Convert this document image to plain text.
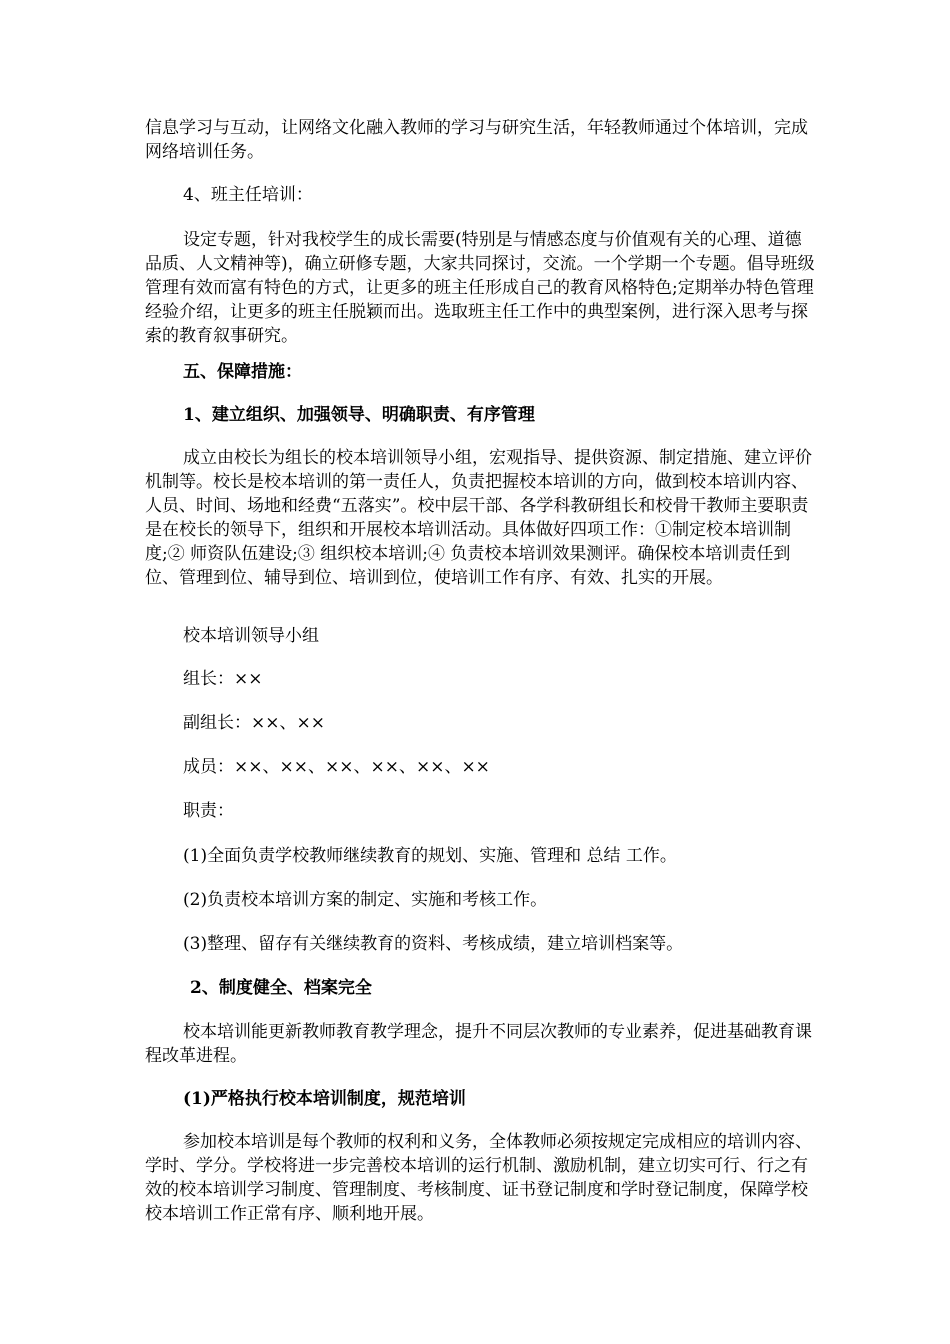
信息学习与互动，让网络文化融入教师的学习与研究生活，年轻教师通过个体培训，完成网络培训任务。

4、班主任培训：

设定专题，针对我校学生的成长需要(特别是与情感态度与价值观有关的心理、道德品质、人文精神等)，确立研修专题，大家共同探讨，交流。一个学期一个专题。倡导班级管理有效而富有特色的方式，让更多的班主任形成自己的教育风格特色;定期举办特色管理经验介绍，让更多的班主任脱颖而出。选取班主任工作中的典型案例，进行深入思考与探索的教育叙事研究。

五、保障措施：

1、建立组织、加强领导、明确职责、有序管理

成立由校长为组长的校本培训领导小组，宏观指导、提供资源、制定措施、建立评价机制等。校长是校本培训的第一责任人，负责把握校本培训的方向，做到校本培训内容、人员、时间、场地和经费“五落实”。校中层干部、各学科教研组长和校骨干教师主要职责是在校长的领导下，组织和开展校本培训活动。具体做好四项工作：①制定校本培训制度;② 师资队伍建设;③ 组织校本培训;④ 负责校本培训效果测评。确保校本培训责任到位、管理到位、辅导到位、培训到位，使培训工作有序、有效、扎实的开展。

校本培训领导小组

组长：××

副组长：××、××

成员：××、××、××、××、××、××

职责：

(1)全面负责学校教师继续教育的规划、实施、管理和 总结 工作。

(2)负责校本培训方案的制定、实施和考核工作。

(3)整理、留存有关继续教育的资料、考核成绩，建立培训档案等。

2、制度健全、档案完全

校本培训能更新教师教育教学理念，提升不同层次教师的专业素养，促进基础教育课程改革进程。

(1)严格执行校本培训制度，规范培训

参加校本培训是每个教师的权利和义务，全体教师必须按规定完成相应的培训内容、学时、学分。学校将进一步完善校本培训的运行机制、激励机制，建立切实可行、行之有效的校本培训学习制度、管理制度、考核制度、证书登记制度和学时登记制度，保障学校校本培训工作正常有序、顺利地开展。
